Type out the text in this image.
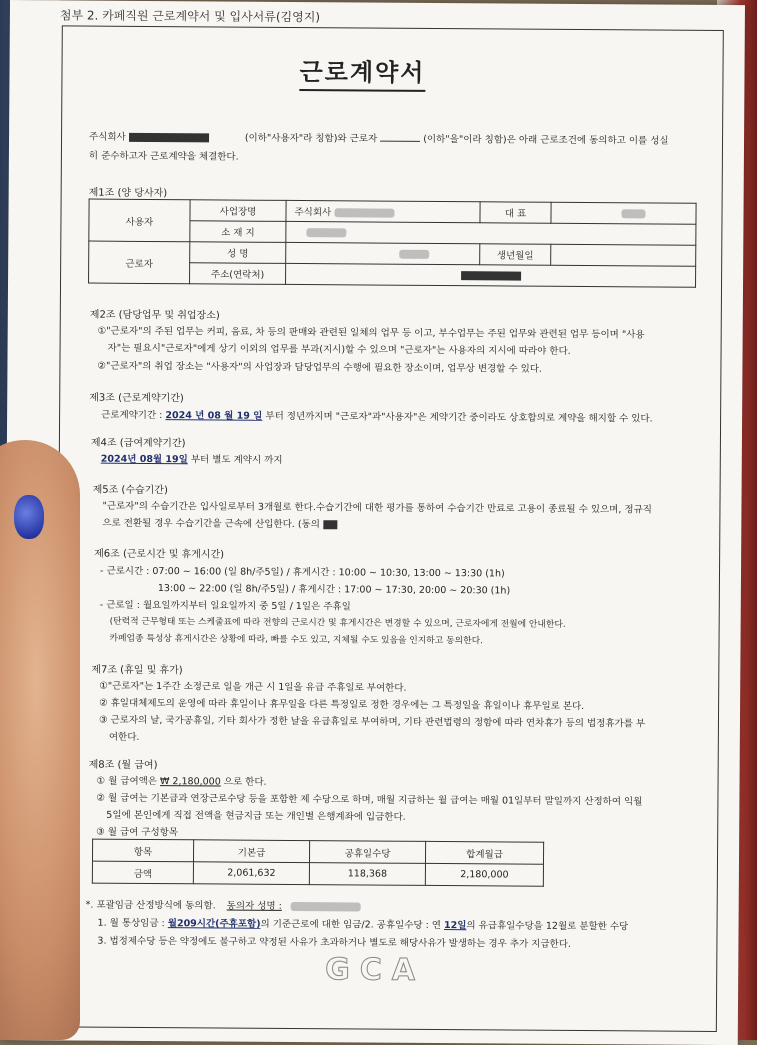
첨부 2. 카페직원 근로계약서 및 입사서류(김영지)
근로계약서
주식회사	(이하"사용자"라 칭함)와 근로자	(이하"을"이라 칭함)은 아래 근로조건에 동의하고 이를 성실
히 준수하고자 근로계약을 체결한다.
제1조 (양 당사자)
사용자	사업장명	주식회사	대 표	
	소 재 지			
근로자	성 명		생년월일	
	주소(연락처)			
제2조 (담당업무 및 취업장소)
①"근로자"의 주된 업무는 커피, 음료, 차 등의 판매와 관련된 일체의 업무 등 이고, 부수업무는 주된 업무와 관련된 업무 등이며 "사용
자"는 필요시"근로자"에게 상기 이외의 업무를 부과(지시)할 수 있으며 "근로자"는 사용자의 지시에 따라야 한다.
②"근로자"의 취업 장소는 "사용자"의 사업장과 담당업무의 수행에 필요한 장소이며, 업무상 변경할 수 있다.
제3조 (근로계약기간)
근로계약기간 : 2024 년 08 월 19 일 부터 정년까지며 "근로자"과"사용자"은 계약기간 중이라도 상호합의로 계약을 해지할 수 있다.
제4조 (급여계약기간)
2024년 08월 19일 부터 별도 계약시 까지
제5조 (수습기간)
"근로자"의 수습기간은 입사일로부터 3개월로 한다.수습기간에 대한 평가를 통하여 수습기간 만료로 고용이 종료될 수 있으며, 정규직
으로 전환될 경우 수습기간을 근속에 산입한다. (동의
제6조 (근로시간 및 휴게시간)
- 근로시간 : 07:00 ~ 16:00 (일 8h/주5일) / 휴게시간 : 10:00 ~ 10:30, 13:00 ~ 13:30 (1h)
13:00 ~ 22:00 (일 8h/주5일) / 휴게시간 : 17:00 ~ 17:30, 20:00 ~ 20:30 (1h)
- 근로일 : 월요일까지부터 일요일까지 중 5일 / 1일은 주휴일
(탄력적 근무형태 또는 스케줄표에 따라 전향의 근로시간 및 휴게시간은 변경할 수 있으며, 근로자에게 전월에 안내한다.
카페업종 특성상 휴게시간은 상황에 따라, 빠를 수도 있고, 지체될 수도 있음을 인지하고 동의한다.
제7조 (휴일 및 휴가)
①"근로자"는 1주간 소정근로 일을 개근 시 1일을 유급 주휴일로 부여한다.
② 휴일대체제도의 운영에 따라 휴일이나 휴무일을 다른 특정일로 정한 경우에는 그 특정일을 휴일이나 휴무일로 본다.
③ 근로자의 날, 국가공휴일, 기타 회사가 정한 날을 유급휴일로 부여하며, 기타 관련법령의 정함에 따라 연차휴가 등의 법정휴가를 부
여한다.
제8조 (월 급여)
① 월 급여액은 ₩ 2,180,000 으로 한다.
② 월 급여는 기본급과 연장근로수당 등을 포함한 제 수당으로 하며, 매월 지급하는 월 급여는 매월 01일부터 말일까지 산정하여 익월
5일에 본인에게 직접 전액을 현금지급 또는 개인별 은행계좌에 입금한다.
③ 월 급여 구성항목
항목	기본급	공휴일수당	합계월급
금액	2,061,632	118,368	2,180,000
*. 포괄임금 산정방식에 동의함. 동의자 성명 :
1. 월 통상임금 : 월209시간(주휴포함)의 기준근로에 대한 임금/2. 공휴일수당 : 연 12일의 유급휴일수당을 12월로 분할한 수당
3. 법정제수당 등은 약정에도 불구하고 약정된 사유가 초과하거나 별도로 해당사유가 발생하는 경우 추가 지급한다.
GCA
